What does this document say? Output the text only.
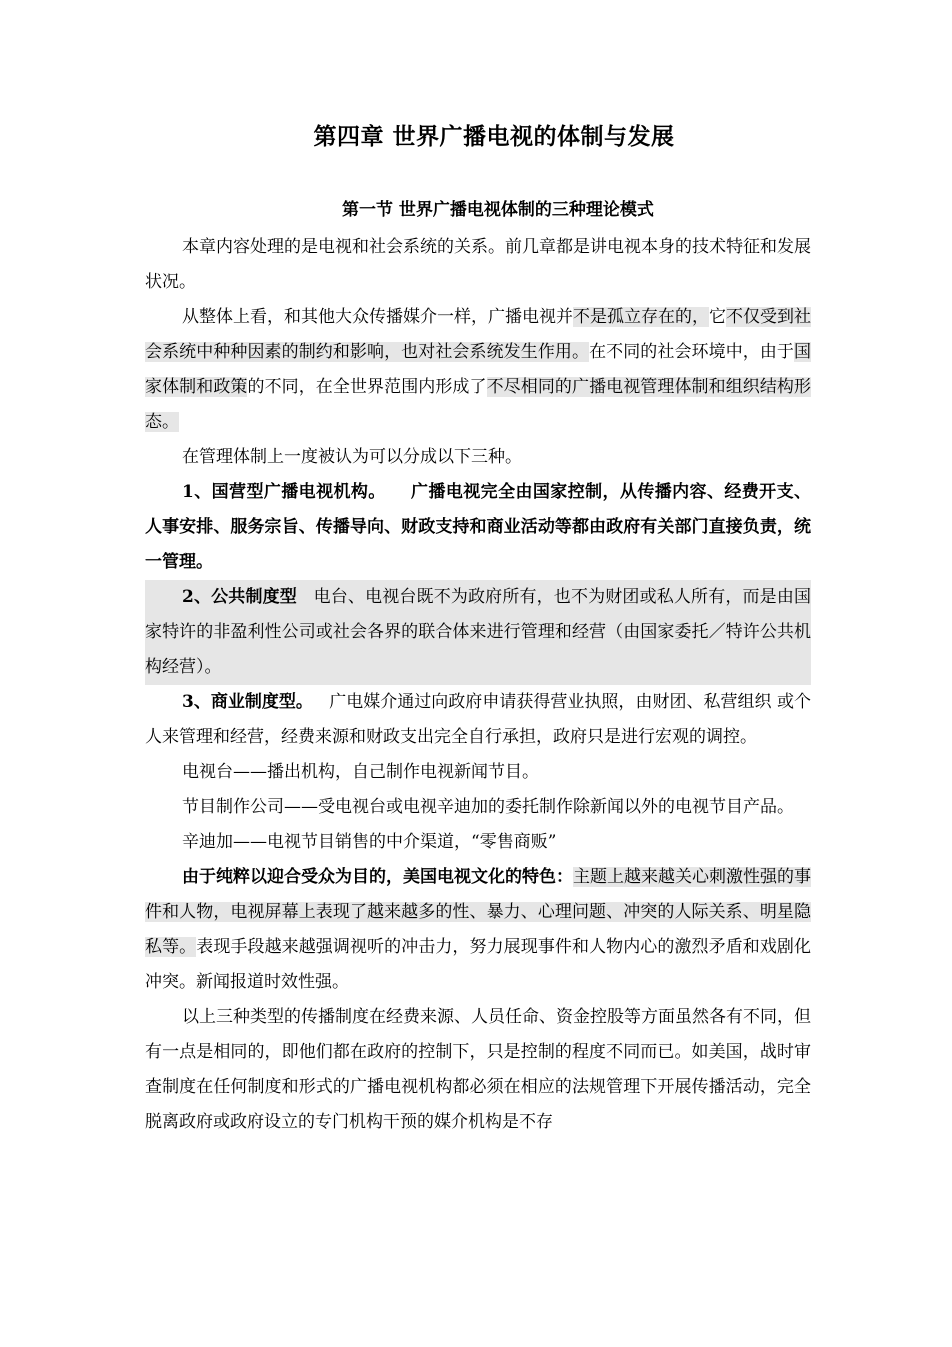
第四章 世界广播电视的体制与发展
第一节 世界广播电视体制的三种理论模式

本章内容处理的是电视和社会系统的关系。前几章都是讲电视本身的技术特征和发展状况。

从整体上看，和其他大众传播媒介一样，广播电视并不是孤立存在的，它不仅受到社会系统中种种因素的制约和影响，也对社会系统发生作用。在不同的社会环境中，由于国家体制和政策的不同，在全世界范围内形成了不尽相同的广播电视管理体制和组织结构形态。

在管理体制上一度被认为可以分成以下三种。

1、国营型广播电视机构。 广播电视完全由国家控制，从传播内容、经费开支、人事安排、服务宗旨、传播导向、财政支持和商业活动等都由政府有关部门直接负责，统一管理。

2、公共制度型 电台、电视台既不为政府所有，也不为财团或私人所有，而是由国家特许的非盈利性公司或社会各界的联合体来进行管理和经营（由国家委托／特许公共机构经营）。

3、商业制度型。 广电媒介通过向政府申请获得营业执照，由财团、私营组织 或个人来管理和经营，经费来源和财政支出完全自行承担，政府只是进行宏观的调控。

电视台——播出机构，自己制作电视新闻节目。

节目制作公司——受电视台或电视辛迪加的委托制作除新闻以外的电视节目产品。

辛迪加——电视节目销售的中介渠道，“零售商贩”

由于纯粹以迎合受众为目的，美国电视文化的特色：主题上越来越关心刺激性强的事件和人物，电视屏幕上表现了越来越多的性、暴力、心理问题、冲突的人际关系、明星隐私等。表现手段越来越强调视听的冲击力，努力展现事件和人物内心的激烈矛盾和戏剧化冲突。新闻报道时效性强。

以上三种类型的传播制度在经费来源、人员任命、资金控股等方面虽然各有不同，但有一点是相同的，即他们都在政府的控制下，只是控制的程度不同而已。如美国，战时审查制度在任何制度和形式的广播电视机构都必须在相应的法规管理下开展传播活动，完全脱离政府或政府设立的专门机构干预的媒介机构是不存
